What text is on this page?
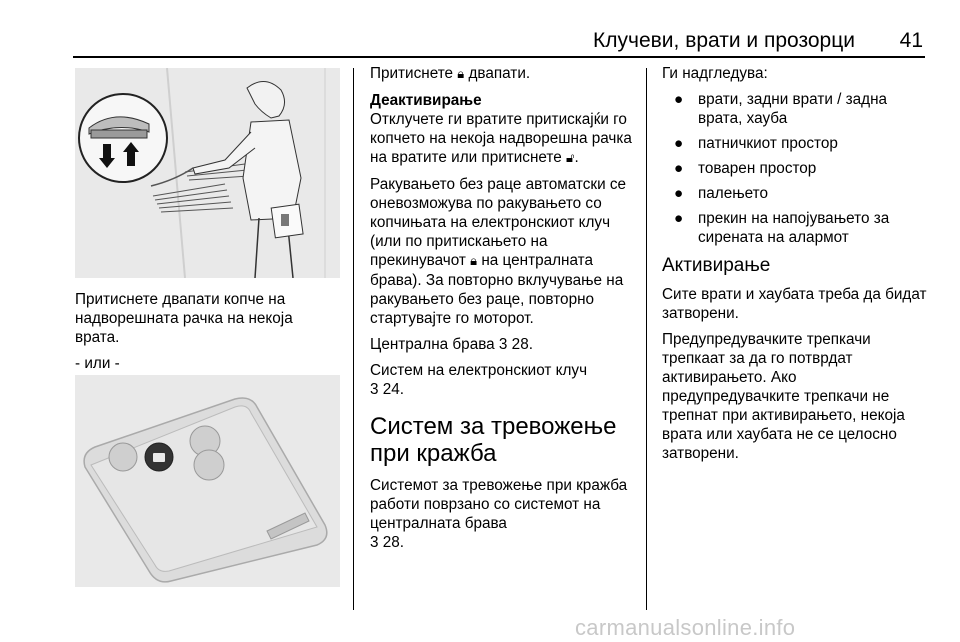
Клучеви, врати и прозорци 41
Притиснете двапати копче на надворешната рачка на некоја врата.
- или -
Притиснете 🔒︎ двапати.
Деактивирање
Отклучете ги вратите притискајќи го копчето на некоја надворешна рачка на вратите или притиснете 🔓︎.
Ракувањето без раце автоматски се оневозможува по ракувањето со копчињата на електронскиот клуч (или по притискањето на прекинувачот 🔒︎ на централната брава). За повторно вклучување на ракувањето без раце, повторно стартувајте го моторот.
Централна брава 3 28.
Систем на електронскиот клуч
3 24.
Систем за тревожење при кражба
Системот за тревожење при кражба работи поврзано со системот на централната брава
3 28.
Ги надгледува:
● врати, задни врати / задна врата, хауба
● патничкиот простор
● товарен простор
● палењето
● прекин на напојувањето за сирената на алармот
Активирање
Сите врати и хаубата треба да бидат затворени.
Предупредувачките трепкачи трепкаат за да го потврдат активирањето. Ако предупредувачките трепкачи не трепнат при активирањето, некоја врата или хаубата не се целосно затворени.
carmanualsonline.info
